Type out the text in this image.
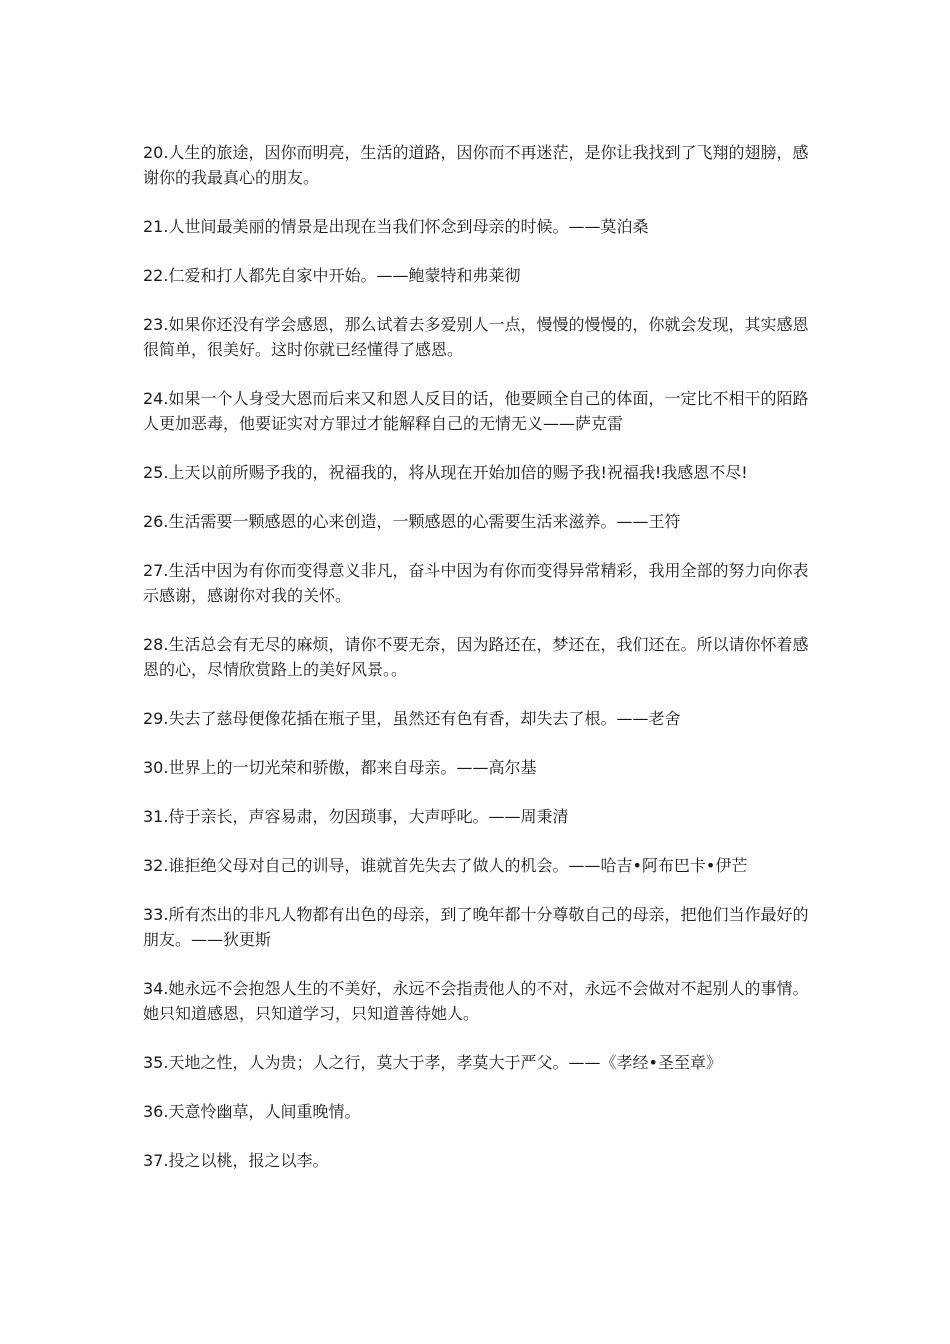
20.人生的旅途，因你而明亮，生活的道路，因你而不再迷茫，是你让我找到了飞翔的翅膀，感谢你的我最真心的朋友。

21.人世间最美丽的情景是出现在当我们怀念到母亲的时候。——莫泊桑

22.仁爱和打人都先自家中开始。——鲍蒙特和弗莱彻

23.如果你还没有学会感恩，那么试着去多爱别人一点，慢慢的慢慢的，你就会发现，其实感恩很简单，很美好。这时你就已经懂得了感恩。

24.如果一个人身受大恩而后来又和恩人反目的话，他要顾全自己的体面，一定比不相干的陌路人更加恶毒，他要证实对方罪过才能解释自己的无情无义——萨克雷

25.上天以前所赐予我的，祝福我的，将从现在开始加倍的赐予我!祝福我!我感恩不尽!

26.生活需要一颗感恩的心来创造，一颗感恩的心需要生活来滋养。——王符

27.生活中因为有你而变得意义非凡，奋斗中因为有你而变得异常精彩，我用全部的努力向你表示感谢，感谢你对我的关怀。

28.生活总会有无尽的麻烦，请你不要无奈，因为路还在，梦还在，我们还在。所以请你怀着感恩的心，尽情欣赏路上的美好风景。。

29.失去了慈母便像花插在瓶子里，虽然还有色有香，却失去了根。——老舍

30.世界上的一切光荣和骄傲，都来自母亲。——高尔基

31.侍于亲长，声容易肃，勿因琐事，大声呼叱。——周秉清

32.谁拒绝父母对自己的训导，谁就首先失去了做人的机会。——哈吉•阿布巴卡•伊芒

33.所有杰出的非凡人物都有出色的母亲，到了晚年都十分尊敬自己的母亲，把他们当作最好的朋友。——狄更斯

34.她永远不会抱怨人生的不美好，永远不会指责他人的不对，永远不会做对不起别人的事情。她只知道感恩，只知道学习，只知道善待她人。

35.天地之性，人为贵；人之行，莫大于孝，孝莫大于严父。——《孝经•圣至章》

36.天意怜幽草，人间重晚情。

37.投之以桃，报之以李。
